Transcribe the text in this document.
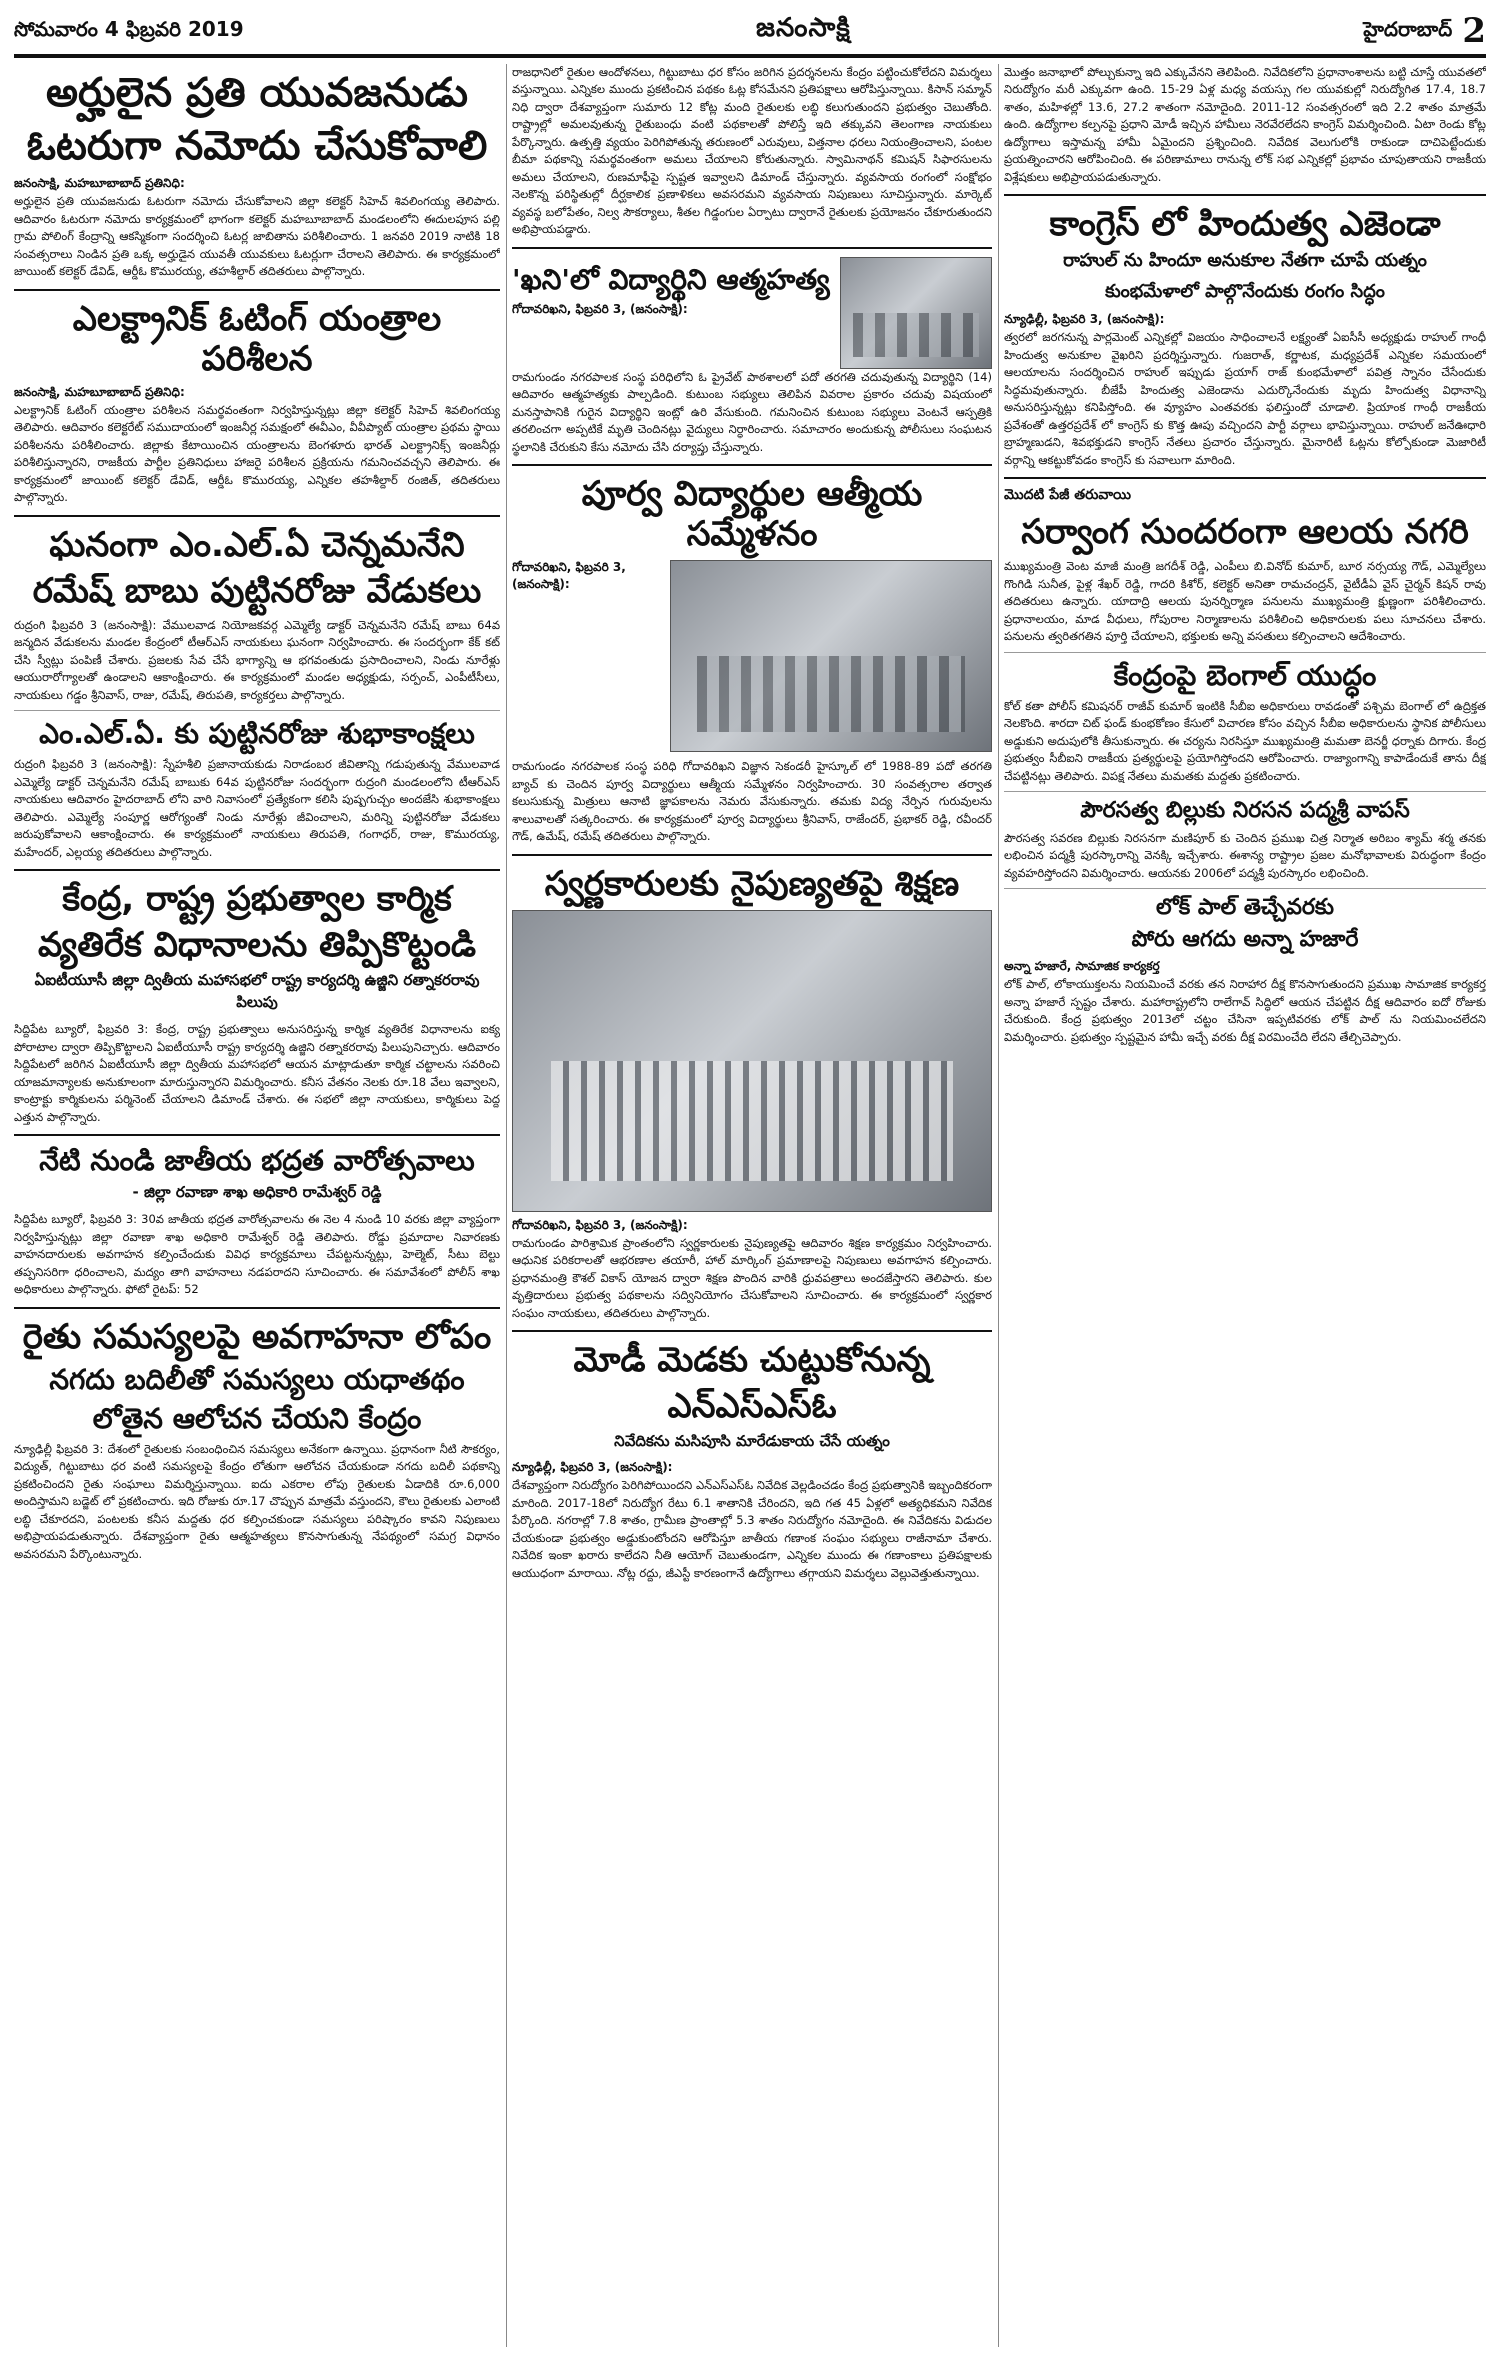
సోమవారం 4 ఫిబ్రవరి 2019	జనంసాక్షి	హైదరాబాద్ 2
అర్హులైన ప్రతి యువజనుడు
ఓటరుగా నమోదు చేసుకోవాలి
జనంసాక్షి, మహబూబాబాద్ ప్రతినిధి:

అర్హులైన ప్రతి యువజనుడు ఓటరుగా నమోదు చేసుకోవాలని జిల్లా కలెక్టర్ సిహెచ్ శివలింగయ్య తెలిపారు. ఆదివారం ఓటరుగా నమోదు కార్యక్రమంలో భాగంగా కలెక్టర్ మహబూబాబాద్ మండలంలోని ఈదులపూస పల్లి గ్రామ పోలింగ్ కేంద్రాన్ని ఆకస్మికంగా సందర్శించి ఓటర్ల జాబితాను పరిశీలించారు. 1 జనవరి 2019 నాటికి 18 సంవత్సరాలు నిండిన ప్రతి ఒక్క అర్హుడైన యువతీ యువకులు ఓటర్లుగా చేరాలని తెలిపారు. ఈ కార్యక్రమంలో జాయింట్ కలెక్టర్ డేవిడ్, ఆర్డీఓ కొమురయ్య, తహశీల్దార్ తదితరులు పాల్గొన్నారు.

ఎలక్ట్రానిక్ ఓటింగ్ యంత్రాల పరిశీలన
జనంసాక్షి, మహబూబాబాద్ ప్రతినిధి:

ఎలక్ట్రానిక్ ఓటింగ్ యంత్రాల పరిశీలన సమర్థవంతంగా నిర్వహిస్తున్నట్లు జిల్లా కలెక్టర్ సిహెచ్ శివలింగయ్య తెలిపారు. ఆదివారం కలెక్టరేట్ సముదాయంలో ఇంజనీర్ల సమక్షంలో ఈవీఎం, వీవీప్యాట్ యంత్రాల ప్రథమ స్థాయి పరిశీలనను పరిశీలించారు. జిల్లాకు కేటాయించిన యంత్రాలను బెంగళూరు భారత్ ఎలక్ట్రానిక్స్ ఇంజనీర్లు పరిశీలిస్తున్నారని, రాజకీయ పార్టీల ప్రతినిధులు హాజరై పరిశీలన ప్రక్రియను గమనించవచ్చని తెలిపారు. ఈ కార్యక్రమంలో జాయింట్ కలెక్టర్ డేవిడ్, ఆర్డీఓ కొమురయ్య, ఎన్నికల తహశీల్దార్ రంజిత్, తదితరులు పాల్గొన్నారు.

ఘనంగా ఎం.ఎల్.ఏ చెన్నమనేని
రమేష్ బాబు పుట్టినరోజు వేడుకలు

రుద్రంగి ఫిబ్రవరి 3 (జనంసాక్షి): వేములవాడ నియోజకవర్గ ఎమ్మెల్యే డాక్టర్ చెన్నమనేని రమేష్ బాబు 64వ జన్మదిన వేడుకలను మండల కేంద్రంలో టీఆర్ఎస్ నాయకులు ఘనంగా నిర్వహించారు. ఈ సందర్భంగా కేక్ కట్ చేసి స్వీట్లు పంపిణీ చేశారు. ప్రజలకు సేవ చేసే భాగ్యాన్ని ఆ భగవంతుడు ప్రసాదించాలని, నిండు నూరేళ్లు ఆయురారోగ్యాలతో ఉండాలని ఆకాంక్షించారు. ఈ కార్యక్రమంలో మండల అధ్యక్షుడు, సర్పంచ్, ఎంపీటీసీలు, నాయకులు గడ్డం శ్రీనివాస్, రాజు, రమేష్, తిరుపతి, కార్యకర్తలు పాల్గొన్నారు.

ఎం.ఎల్.ఏ. కు పుట్టినరోజు శుభాకాంక్షలు

రుద్రంగి ఫిబ్రవరి 3 (జనంసాక్షి): స్నేహశీలి ప్రజానాయకుడు నిరాడంబర జీవితాన్ని గడుపుతున్న వేములవాడ ఎమ్మెల్యే డాక్టర్ చెన్నమనేని రమేష్ బాబుకు 64వ పుట్టినరోజు సందర్భంగా రుద్రంగి మండలంలోని టీఆర్ఎస్ నాయకులు ఆదివారం హైదరాబాద్ లోని వారి నివాసంలో ప్రత్యేకంగా కలిసి పుష్పగుచ్చం అందజేసి శుభాకాంక్షలు తెలిపారు. ఎమ్మెల్యే సంపూర్ణ ఆరోగ్యంతో నిండు నూరేళ్లు జీవించాలని, మరిన్ని పుట్టినరోజు వేడుకలు జరుపుకోవాలని ఆకాంక్షించారు. ఈ కార్యక్రమంలో నాయకులు తిరుపతి, గంగాధర్, రాజు, కొమురయ్య, మహేందర్, ఎల్లయ్య తదితరులు పాల్గొన్నారు.

కేంద్ర, రాష్ట్ర ప్రభుత్వాల కార్మిక
వ్యతిరేక విధానాలను తిప్పికొట్టండి
ఏఐటీయూసీ జిల్లా ద్వితీయ మహాసభలో రాష్ట్ర కార్యదర్శి ఉజ్జిని రత్నాకరరావు పిలుపు

సిద్దిపేట బ్యూరో, ఫిబ్రవరి 3: కేంద్ర, రాష్ట్ర ప్రభుత్వాలు అనుసరిస్తున్న కార్మిక వ్యతిరేక విధానాలను ఐక్య పోరాటాల ద్వారా తిప్పికొట్టాలని ఏఐటీయూసీ రాష్ట్ర కార్యదర్శి ఉజ్జిని రత్నాకరరావు పిలుపునిచ్చారు. ఆదివారం సిద్దిపేటలో జరిగిన ఏఐటీయూసీ జిల్లా ద్వితీయ మహాసభలో ఆయన మాట్లాడుతూ కార్మిక చట్టాలను సవరించి యాజమాన్యాలకు అనుకూలంగా మారుస్తున్నారని విమర్శించారు. కనీస వేతనం నెలకు రూ.18 వేలు ఇవ్వాలని, కాంట్రాక్టు కార్మికులను పర్మినెంట్ చేయాలని డిమాండ్ చేశారు. ఈ సభలో జిల్లా నాయకులు, కార్మికులు పెద్ద ఎత్తున పాల్గొన్నారు.

నేటి నుండి జాతీయ భద్రత వారోత్సవాలు
- జిల్లా రవాణా శాఖ అధికారి రామేశ్వర్ రెడ్డి

సిద్దిపేట బ్యూరో, ఫిబ్రవరి 3: 30వ జాతీయ భద్రత వారోత్సవాలను ఈ నెల 4 నుండి 10 వరకు జిల్లా వ్యాప్తంగా నిర్వహిస్తున్నట్లు జిల్లా రవాణా శాఖ అధికారి రామేశ్వర్ రెడ్డి తెలిపారు. రోడ్డు ప్రమాదాల నివారణకు వాహనదారులకు అవగాహన కల్పించేందుకు వివిధ కార్యక్రమాలు చేపట్టనున్నట్లు, హెల్మెట్, సీటు బెల్టు తప్పనిసరిగా ధరించాలని, మద్యం తాగి వాహనాలు నడపరాదని సూచించారు. ఈ సమావేశంలో పోలీస్ శాఖ అధికారులు పాల్గొన్నారు. ఫోటో రైటప్: 52

రైతు సమస్యలపై అవగాహనా లోపం
నగదు బదిలీతో సమస్యలు యధాతథం
లోతైన ఆలోచన చేయని కేంద్రం

న్యూఢిల్లీ ఫిబ్రవరి 3: దేశంలో రైతులకు సంబంధించిన సమస్యలు అనేకంగా ఉన్నాయి. ప్రధానంగా నీటి సౌకర్యం, విద్యుత్, గిట్టుబాటు ధర వంటి సమస్యలపై కేంద్రం లోతుగా ఆలోచన చేయకుండా నగదు బదిలీ పథకాన్ని ప్రకటించిందని రైతు సంఘాలు విమర్శిస్తున్నాయి. ఐదు ఎకరాల లోపు రైతులకు ఏడాదికి రూ.6,000 అందిస్తామని బడ్జెట్ లో ప్రకటించారు. ఇది రోజుకు రూ.17 చొప్పున మాత్రమే వస్తుందని, కౌలు రైతులకు ఎలాంటి లబ్ధి చేకూరదని, పంటలకు కనీస మద్దతు ధర కల్పించకుండా సమస్యలు పరిష్కారం కావని నిపుణులు అభిప్రాయపడుతున్నారు. దేశవ్యాప్తంగా రైతు ఆత్మహత్యలు కొనసాగుతున్న నేపథ్యంలో సమగ్ర విధానం అవసరమని పేర్కొంటున్నారు.

రాజధానిలో రైతుల ఆందోళనలు, గిట్టుబాటు ధర కోసం జరిగిన ప్రదర్శనలను కేంద్రం పట్టించుకోలేదని విమర్శలు వస్తున్నాయి. ఎన్నికల ముందు ప్రకటించిన పథకం ఓట్ల కోసమేనని ప్రతిపక్షాలు ఆరోపిస్తున్నాయి. కిసాన్ సమ్మాన్ నిధి ద్వారా దేశవ్యాప్తంగా సుమారు 12 కోట్ల మంది రైతులకు లబ్ధి కలుగుతుందని ప్రభుత్వం చెబుతోంది. రాష్ట్రాల్లో అమలవుతున్న రైతుబంధు వంటి పథకాలతో పోలిస్తే ఇది తక్కువని తెలంగాణ నాయకులు పేర్కొన్నారు. ఉత్పత్తి వ్యయం పెరిగిపోతున్న తరుణంలో ఎరువులు, విత్తనాల ధరలు నియంత్రించాలని, పంటల బీమా పథకాన్ని సమర్థవంతంగా అమలు చేయాలని కోరుతున్నారు. స్వామినాథన్ కమిషన్ సిఫారసులను అమలు చేయాలని, రుణమాఫీపై స్పష్టత ఇవ్వాలని డిమాండ్ చేస్తున్నారు. వ్యవసాయ రంగంలో సంక్షోభం నెలకొన్న పరిస్థితుల్లో దీర్ఘకాలిక ప్రణాళికలు అవసరమని వ్యవసాయ నిపుణులు సూచిస్తున్నారు. మార్కెట్ వ్యవస్థ బలోపేతం, నిల్వ సౌకర్యాలు, శీతల గిడ్డంగుల ఏర్పాటు ద్వారానే రైతులకు ప్రయోజనం చేకూరుతుందని అభిప్రాయపడ్డారు.

'ఖని'లో విద్యార్థిని ఆత్మహత్య
గోదావరిఖని, ఫిబ్రవరి 3, (జనంసాక్షి):

రామగుండం నగరపాలక సంస్థ పరిధిలోని ఓ ప్రైవేట్ పాఠశాలలో పదో తరగతి చదువుతున్న విద్యార్థిని (14) ఆదివారం ఆత్మహత్యకు పాల్పడింది. కుటుంబ సభ్యులు తెలిపిన వివరాల ప్రకారం చదువు విషయంలో మనస్తాపానికి గురైన విద్యార్థిని ఇంట్లో ఉరి వేసుకుంది. గమనించిన కుటుంబ సభ్యులు వెంటనే ఆస్పత్రికి తరలించగా అప్పటికే మృతి చెందినట్లు వైద్యులు నిర్ధారించారు. సమాచారం అందుకున్న పోలీసులు సంఘటన స్థలానికి చేరుకుని కేసు నమోదు చేసి దర్యాప్తు చేస్తున్నారు.

పూర్వ విద్యార్థుల ఆత్మీయ సమ్మేళనం
గోదావరిఖని, ఫిబ్రవరి 3, (జనంసాక్షి):

రామగుండం నగరపాలక సంస్థ పరిధి గోదావరిఖని విజ్ఞాన సెకండరీ హైస్కూల్ లో 1988-89 పదో తరగతి బ్యాచ్ కు చెందిన పూర్వ విద్యార్థులు ఆత్మీయ సమ్మేళనం నిర్వహించారు. 30 సంవత్సరాల తర్వాత కలుసుకున్న మిత్రులు ఆనాటి జ్ఞాపకాలను నెమరు వేసుకున్నారు. తమకు విద్య నేర్పిన గురువులను శాలువాలతో సత్కరించారు. ఈ కార్యక్రమంలో పూర్వ విద్యార్థులు శ్రీనివాస్, రాజేందర్, ప్రభాకర్ రెడ్డి, రవీందర్ గౌడ్, ఉమేష్, రమేష్ తదితరులు పాల్గొన్నారు.

స్వర్ణకారులకు నైపుణ్యతపై శిక్షణ
గోదావరిఖని, ఫిబ్రవరి 3, (జనంసాక్షి):

రామగుండం పారిశ్రామిక ప్రాంతంలోని స్వర్ణకారులకు నైపుణ్యతపై ఆదివారం శిక్షణ కార్యక్రమం నిర్వహించారు. ఆధునిక పరికరాలతో ఆభరణాల తయారీ, హాల్ మార్కింగ్ ప్రమాణాలపై నిపుణులు అవగాహన కల్పించారు. ప్రధానమంత్రి కౌశల్ వికాస్ యోజన ద్వారా శిక్షణ పొందిన వారికి ధ్రువపత్రాలు అందజేస్తారని తెలిపారు. కుల వృత్తిదారులు ప్రభుత్వ పథకాలను సద్వినియోగం చేసుకోవాలని సూచించారు. ఈ కార్యక్రమంలో స్వర్ణకార సంఘం నాయకులు, తదితరులు పాల్గొన్నారు.

మోడీ మెడకు చుట్టుకోనున్న
ఎన్ఎస్ఎస్ఓ
నివేదికను మసిపూసి మారేడుకాయ చేసే యత్నం
న్యూఢిల్లీ, ఫిబ్రవరి 3, (జనంసాక్షి):

దేశవ్యాప్తంగా నిరుద్యోగం పెరిగిపోయిందని ఎన్ఎస్ఎస్ఓ నివేదిక వెల్లడించడం కేంద్ర ప్రభుత్వానికి ఇబ్బందికరంగా మారింది. 2017-18లో నిరుద్యోగ రేటు 6.1 శాతానికి చేరిందని, ఇది గత 45 ఏళ్లలో అత్యధికమని నివేదిక పేర్కొంది. నగరాల్లో 7.8 శాతం, గ్రామీణ ప్రాంతాల్లో 5.3 శాతం నిరుద్యోగం నమోదైంది. ఈ నివేదికను విడుదల చేయకుండా ప్రభుత్వం అడ్డుకుంటోందని ఆరోపిస్తూ జాతీయ గణాంక సంఘం సభ్యులు రాజీనామా చేశారు. నివేదిక ఇంకా ఖరారు కాలేదని నీతి ఆయోగ్ చెబుతుండగా, ఎన్నికల ముందు ఈ గణాంకాలు ప్రతిపక్షాలకు ఆయుధంగా మారాయి. నోట్ల రద్దు, జీఎస్టీ కారణంగానే ఉద్యోగాలు తగ్గాయని విమర్శలు వెల్లువెత్తుతున్నాయి.

మొత్తం జనాభాలో పోల్చుకున్నా ఇది ఎక్కువేనని తెలిపింది. నివేదికలోని ప్రధానాంశాలను బట్టి చూస్తే యువతలో నిరుద్యోగం మరీ ఎక్కువగా ఉంది. 15-29 ఏళ్ల మధ్య వయస్సు గల యువకుల్లో నిరుద్యోగిత 17.4, 18.7 శాతం, మహిళల్లో 13.6, 27.2 శాతంగా నమోదైంది. 2011-12 సంవత్సరంలో ఇది 2.2 శాతం మాత్రమే ఉంది. ఉద్యోగాల కల్పనపై ప్రధాని మోడీ ఇచ్చిన హామీలు నెరవేరలేదని కాంగ్రెస్ విమర్శించింది. ఏటా రెండు కోట్ల ఉద్యోగాలు ఇస్తామన్న హామీ ఏమైందని ప్రశ్నించింది. నివేదిక వెలుగులోకి రాకుండా దాచిపెట్టేందుకు ప్రయత్నించారని ఆరోపించింది. ఈ పరిణామాలు రానున్న లోక్ సభ ఎన్నికల్లో ప్రభావం చూపుతాయని రాజకీయ విశ్లేషకులు అభిప్రాయపడుతున్నారు.

కాంగ్రెస్ లో హిందుత్వ ఎజెండా
రాహుల్ ను హిందూ అనుకూల నేతగా చూపే యత్నం
కుంభమేళాలో పాల్గొనేందుకు రంగం సిద్ధం
న్యూఢిల్లీ, ఫిబ్రవరి 3, (జనంసాక్షి):

త్వరలో జరగనున్న పార్లమెంట్ ఎన్నికల్లో విజయం సాధించాలనే లక్ష్యంతో ఏఐసీసీ అధ్యక్షుడు రాహుల్ గాంధీ హిందుత్వ అనుకూల వైఖరిని ప్రదర్శిస్తున్నారు. గుజరాత్, కర్ణాటక, మధ్యప్రదేశ్ ఎన్నికల సమయంలో ఆలయాలను సందర్శించిన రాహుల్ ఇప్పుడు ప్రయాగ్ రాజ్ కుంభమేళాలో పవిత్ర స్నానం చేసేందుకు సిద్ధమవుతున్నారు. బీజేపీ హిందుత్వ ఎజెండాను ఎదుర్కొనేందుకు మృదు హిందుత్వ విధానాన్ని అనుసరిస్తున్నట్లు కనిపిస్తోంది. ఈ వ్యూహం ఎంతవరకు ఫలిస్తుందో చూడాలి. ప్రియాంక గాంధీ రాజకీయ ప్రవేశంతో ఉత్తరప్రదేశ్ లో కాంగ్రెస్ కు కొత్త ఊపు వచ్చిందని పార్టీ వర్గాలు భావిస్తున్నాయి. రాహుల్ జనేఊధారి బ్రాహ్మణుడని, శివభక్తుడని కాంగ్రెస్ నేతలు ప్రచారం చేస్తున్నారు. మైనారిటీ ఓట్లను కోల్పోకుండా మెజారిటీ వర్గాన్ని ఆకట్టుకోవడం కాంగ్రెస్ కు సవాలుగా మారింది.

మొదటి పేజీ తరువాయి
సర్వాంగ సుందరంగా ఆలయ నగరి

ముఖ్యమంత్రి వెంట మాజీ మంత్రి జగదీశ్ రెడ్డి, ఎంపీలు బి.వినోద్ కుమార్, బూర నర్సయ్య గౌడ్, ఎమ్మెల్యేలు గొంగిడి సునీత, పైళ్ల శేఖర్ రెడ్డి, గాదరి కిశోర్, కలెక్టర్ అనితా రామచంద్రన్, వైటీడీఏ వైస్ చైర్మన్ కిషన్ రావు తదితరులు ఉన్నారు. యాదాద్రి ఆలయ పునర్నిర్మాణ పనులను ముఖ్యమంత్రి క్షుణ్ణంగా పరిశీలించారు. ప్రధానాలయం, మాడ వీధులు, గోపురాల నిర్మాణాలను పరిశీలించి అధికారులకు పలు సూచనలు చేశారు. పనులను త్వరితగతిన పూర్తి చేయాలని, భక్తులకు అన్ని వసతులు కల్పించాలని ఆదేశించారు.

కేంద్రంపై బెంగాల్ యుద్ధం

కోల్ కతా పోలీస్ కమిషనర్ రాజీవ్ కుమార్ ఇంటికి సీబీఐ అధికారులు రావడంతో పశ్చిమ బెంగాల్ లో ఉద్రిక్తత నెలకొంది. శారదా చిట్ ఫండ్ కుంభకోణం కేసులో విచారణ కోసం వచ్చిన సీబీఐ అధికారులను స్థానిక పోలీసులు అడ్డుకుని అదుపులోకి తీసుకున్నారు. ఈ చర్యను నిరసిస్తూ ముఖ్యమంత్రి మమతా బెనర్జీ ధర్నాకు దిగారు. కేంద్ర ప్రభుత్వం సీబీఐని రాజకీయ ప్రత్యర్థులపై ప్రయోగిస్తోందని ఆరోపించారు. రాజ్యాంగాన్ని కాపాడేందుకే తాను దీక్ష చేపట్టినట్లు తెలిపారు. విపక్ష నేతలు మమతకు మద్దతు ప్రకటించారు.

పౌరసత్వ బిల్లుకు నిరసన పద్మశ్రీ వాపస్

పౌరసత్వ సవరణ బిల్లుకు నిరసనగా మణిపూర్ కు చెందిన ప్రముఖ చిత్ర నిర్మాత అరిబం శ్యామ్ శర్మ తనకు లభించిన పద్మశ్రీ పురస్కారాన్ని వెనక్కి ఇచ్చేశారు. ఈశాన్య రాష్ట్రాల ప్రజల మనోభావాలకు విరుద్ధంగా కేంద్రం వ్యవహరిస్తోందని విమర్శించారు. ఆయనకు 2006లో పద్మశ్రీ పురస్కారం లభించింది.

లోక్ పాల్ తెచ్చేవరకు
పోరు ఆగదు అన్నా హజారే
అన్నా హజారే, సామాజిక కార్యకర్త

లోక్ పాల్, లోకాయుక్తలను నియమించే వరకు తన నిరాహార దీక్ష కొనసాగుతుందని ప్రముఖ సామాజిక కార్యకర్త అన్నా హజారే స్పష్టం చేశారు. మహారాష్ట్రలోని రాలేగావ్ సిద్ధిలో ఆయన చేపట్టిన దీక్ష ఆదివారం ఐదో రోజుకు చేరుకుంది. కేంద్ర ప్రభుత్వం 2013లో చట్టం చేసినా ఇప్పటివరకు లోక్ పాల్ ను నియమించలేదని విమర్శించారు. ప్రభుత్వం స్పష్టమైన హామీ ఇచ్చే వరకు దీక్ష విరమించేది లేదని తేల్చిచెప్పారు.
